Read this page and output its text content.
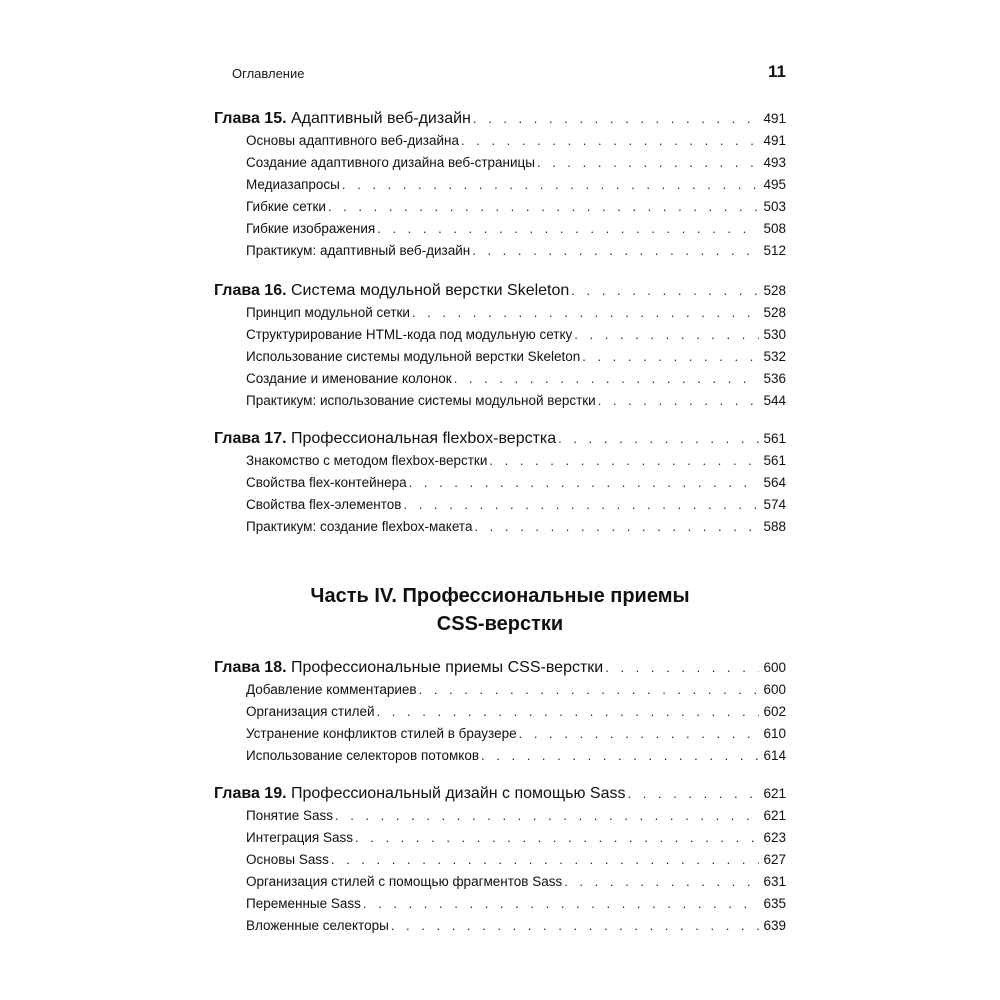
Оглавление	11
Глава 15. Адаптивный веб-дизайн . . .	491
Основы адаптивного веб-дизайна . . .	491
Создание адаптивного дизайна веб-страницы . . .	493
Медиазапросы . . .	495
Гибкие сетки . . .	503
Гибкие изображения . . .	508
Практикум: адаптивный веб-дизайн . . .	512
Глава 16. Система модульной верстки Skeleton . . .	528
Принцип модульной сетки . . .	528
Структурирование HTML-кода под модульную сетку . . .	530
Использование системы модульной верстки Skeleton . . .	532
Создание и именование колонок . . .	536
Практикум: использование системы модульной верстки . . .	544
Глава 17. Профессиональная flexbox-верстка . . .	561
Знакомство с методом flexbox-верстки . . .	561
Свойства flex-контейнера . . .	564
Свойства flex-элементов . . .	574
Практикум: создание flexbox-макета . . .	588
Часть IV. Профессиональные приемы
CSS-верстки
Глава 18. Профессиональные приемы CSS-верстки . . .	600
Добавление комментариев . . .	600
Организация стилей . . .	602
Устранение конфликтов стилей в браузере . . .	610
Использование селекторов потомков . . .	614
Глава 19. Профессиональный дизайн с помощью Sass . . .	621
Понятие Sass . . .	621
Интеграция Sass . . .	623
Основы Sass . . .	627
Организация стилей с помощью фрагментов Sass . . .	631
Переменные Sass . . .	635
Вложенные селекторы . . .	639
